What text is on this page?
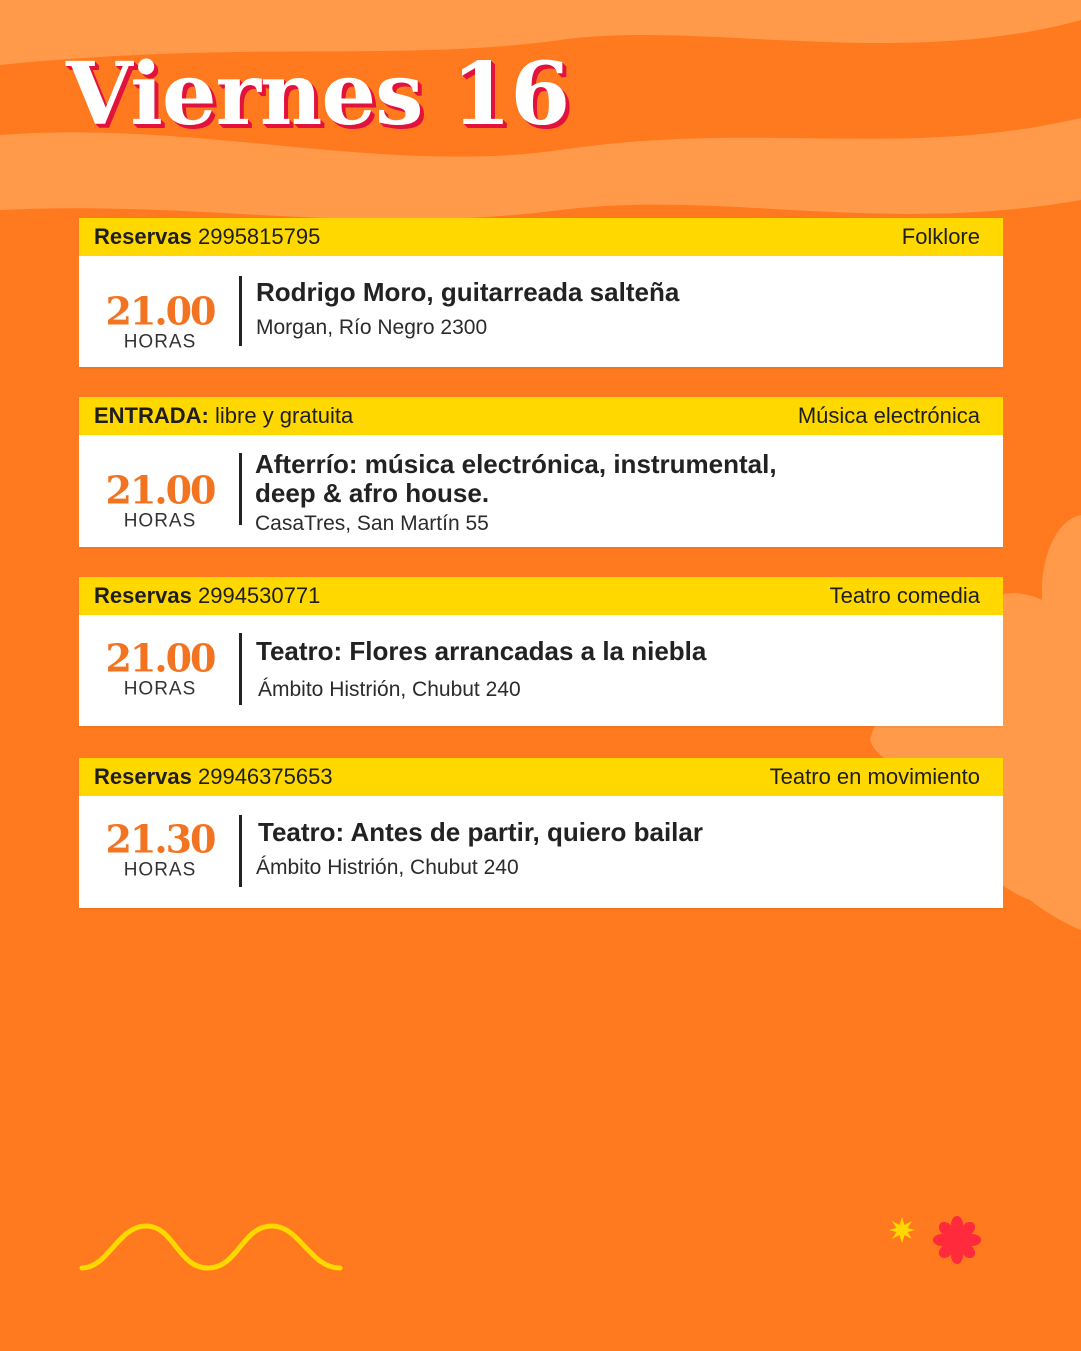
Viernes 16
Reservas 2995815795	Folklore
21.00
HORAS
Rodrigo Moro, guitarreada salteña
Morgan, Río Negro 2300
ENTRADA: libre y gratuita	Música electrónica
21.00
HORAS
Afterrío: música electrónica, instrumental,
deep & afro house.
CasaTres, San Martín 55
Reservas 2994530771	Teatro comedia
21.00
HORAS
Teatro: Flores arrancadas a la niebla
Ámbito Histrión, Chubut 240
Reservas 29946375653	Teatro en movimiento
21.30
HORAS
Teatro: Antes de partir, quiero bailar
Ámbito Histrión, Chubut 240
